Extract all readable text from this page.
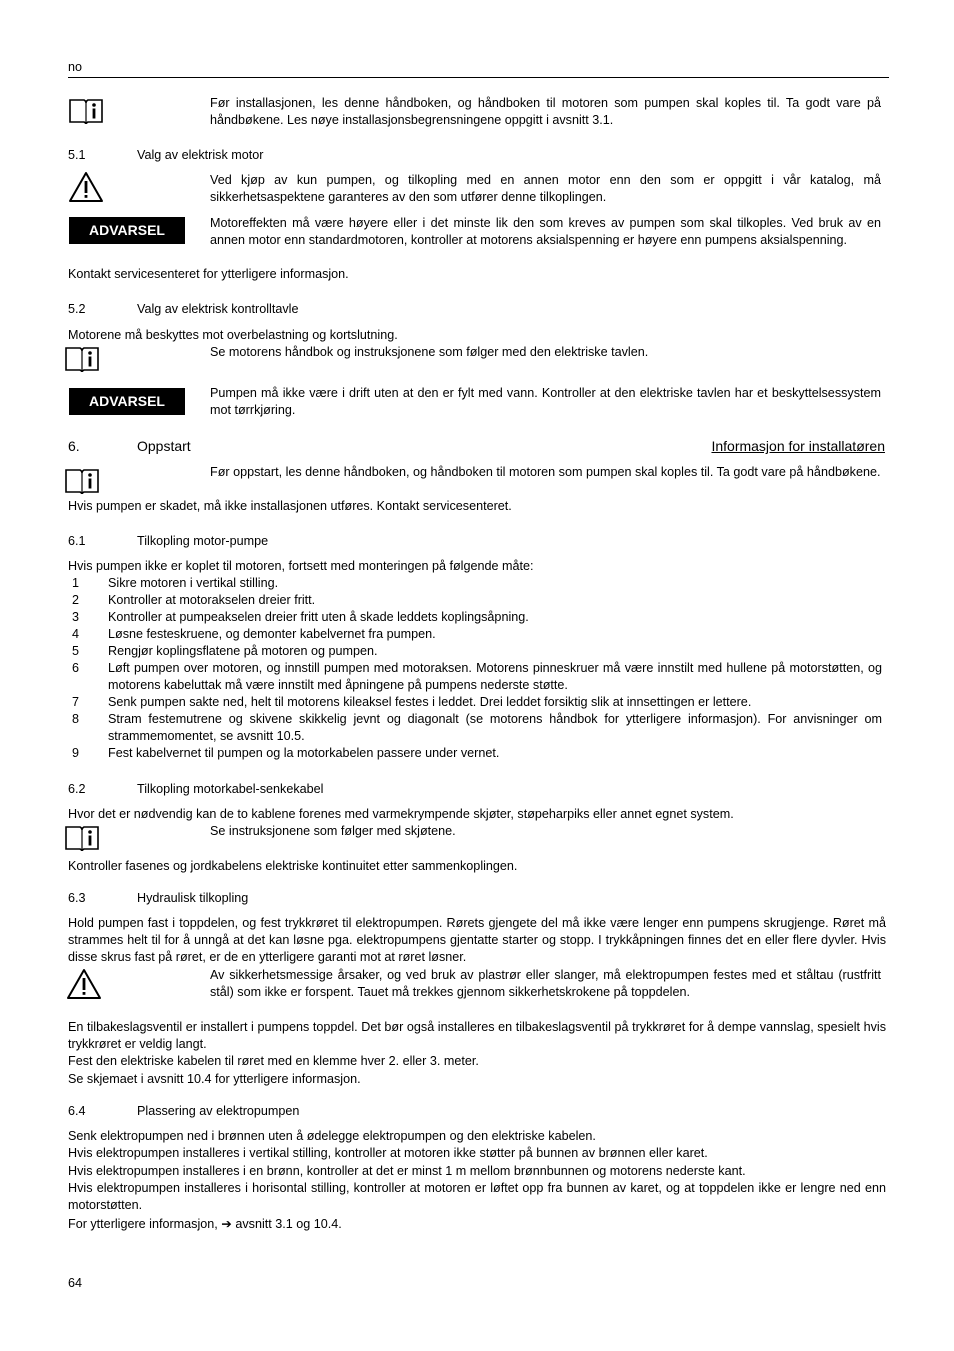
no
Før installasjonen, les denne håndboken, og håndboken til motoren som pumpen skal koples til. Ta godt vare på håndbøkene. Les nøye installasjonsbegrensningene oppgitt i avsnitt 3.1.
5.1	Valg av elektrisk motor
Ved kjøp av kun pumpen, og tilkopling med en annen motor enn den som er oppgitt i vår katalog, må sikkerhetsaspektene garanteres av den som utfører denne tilkoplingen.
ADVARSEL	Motoreffekten må være høyere eller i det minste lik den som kreves av pumpen som skal tilkoples. Ved bruk av en annen motor enn standardmotoren, kontroller at motorens aksialspenning er høyere enn pumpens aksialspenning.
Kontakt servicesenteret for ytterligere informasjon.
5.2	Valg av elektrisk kontrolltavle
Motorene må beskyttes mot overbelastning og kortslutning.
Se motorens håndbok og instruksjonene som følger med den elektriske tavlen.
ADVARSEL	Pumpen må ikke være i drift uten at den er fylt med vann. Kontroller at den elektriske tavlen har et beskyttelsessystem mot tørrkjøring.
6.	Oppstart	Informasjon for installatøren
Før oppstart, les denne håndboken, og håndboken til motoren som pumpen skal koples til. Ta godt vare på håndbøkene.
Hvis pumpen er skadet, må ikke installasjonen utføres. Kontakt servicesenteret.
6.1	Tilkopling motor-pumpe
Hvis pumpen ikke er koplet til motoren, fortsett med monteringen på følgende måte:
1	Sikre motoren i vertikal stilling.
2	Kontroller at motorakselen dreier fritt.
3	Kontroller at pumpeakselen dreier fritt uten å skade leddets koplingsåpning.
4	Løsne festeskruene, og demonter kabelvernet fra pumpen.
5	Rengjør koplingsflatene på motoren og pumpen.
6	Løft pumpen over motoren, og innstill pumpen med motoraksen. Motorens pinneskruer må være innstilt med hullene på motorstøtten, og motorens kabeluttak må være innstilt med åpningene på pumpens nederste støtte.
7	Senk pumpen sakte ned, helt til motorens kileaksel festes i leddet. Drei leddet forsiktig slik at innsettingen er lettere.
8	Stram festemutrene og skivene skikkelig jevnt og diagonalt (se motorens håndbok for ytterligere informasjon). For anvisninger om strammemomentet, se avsnitt 10.5.
9	Fest kabelvernet til pumpen og la motorkabelen passere under vernet.
6.2	Tilkopling motorkabel-senkekabel
Hvor det er nødvendig kan de to kablene forenes med varmekrympende skjøter, støpeharpiks eller annet egnet system.
Se instruksjonene som følger med skjøtene.
Kontroller fasenes og jordkabelens elektriske kontinuitet etter sammenkoplingen.
6.3	Hydraulisk tilkopling
Hold pumpen fast i toppdelen, og fest trykkrøret til elektropumpen. Rørets gjengete del må ikke være lenger enn pumpens skrugjenge. Røret må strammes helt til for å unngå at det kan løsne pga. elektropumpens gjentatte starter og stopp. I trykkåpningen finnes det en eller flere dyvler. Hvis disse skrus fast på røret, er de en ytterligere garanti mot at røret løsner.
Av sikkerhetsmessige årsaker, og ved bruk av plastrør eller slanger, må elektropumpen festes med et ståltau (rustfritt stål) som ikke er forspent. Tauet må trekkes gjennom sikkerhetskrokene på toppdelen.
En tilbakeslagsventil er installert i pumpens toppdel. Det bør også installeres en tilbakeslagsventil på trykkrøret for å dempe vannslag, spesielt hvis trykkrøret er veldig langt.
Fest den elektriske kabelen til røret med en klemme hver 2. eller 3. meter.
Se skjemaet i avsnitt 10.4 for ytterligere informasjon.
6.4	Plassering av elektropumpen
Senk elektropumpen ned i brønnen uten å ødelegge elektropumpen og den elektriske kabelen.
Hvis elektropumpen installeres i vertikal stilling, kontroller at motoren ikke støtter på bunnen av brønnen eller karet.
Hvis elektropumpen installeres i en brønn, kontroller at det er minst 1 m mellom brønnbunnen og motorens nederste kant.
Hvis elektropumpen installeres i horisontal stilling, kontroller at motoren er løftet opp fra bunnen av karet, og at toppdelen ikke er lengre ned enn motorstøtten.
For ytterligere informasjon, ➔ avsnitt 3.1 og 10.4.
64
